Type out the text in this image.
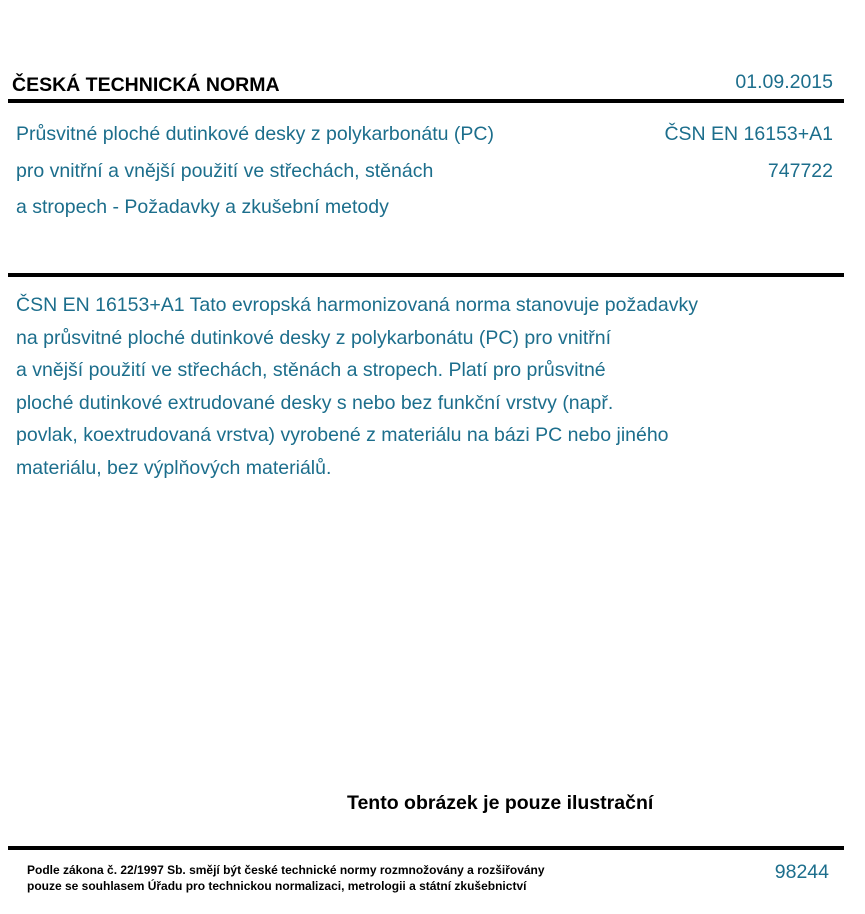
ČESKÁ TECHNICKÁ NORMA	01.09.2015
Průsvitné ploché dutinkové desky z polykarbonátu (PC)
pro vnitřní a vnější použití ve střechách, stěnách
a stropech - Požadavky a zkušební metody
ČSN EN 16153+A1
747722
ČSN EN 16153+A1 Tato evropská harmonizovaná norma stanovuje požadavky
na průsvitné ploché dutinkové desky z polykarbonátu (PC) pro vnitřní
a vnější použití ve střechách, stěnách a stropech. Platí pro průsvitné
ploché dutinkové extrudované desky s nebo bez funkční vrstvy (např.
povlak, koextrudovaná vrstva) vyrobené z materiálu na bázi PC nebo jiného
materiálu, bez výplňových materiálů.
Tento obrázek je pouze ilustrační
Podle zákona č. 22/1997 Sb. smějí být české technické normy rozmnožovány a rozšiřovány
pouze se souhlasem Úřadu pro technickou normalizaci, metrologii a státní zkušebnictví
98244
